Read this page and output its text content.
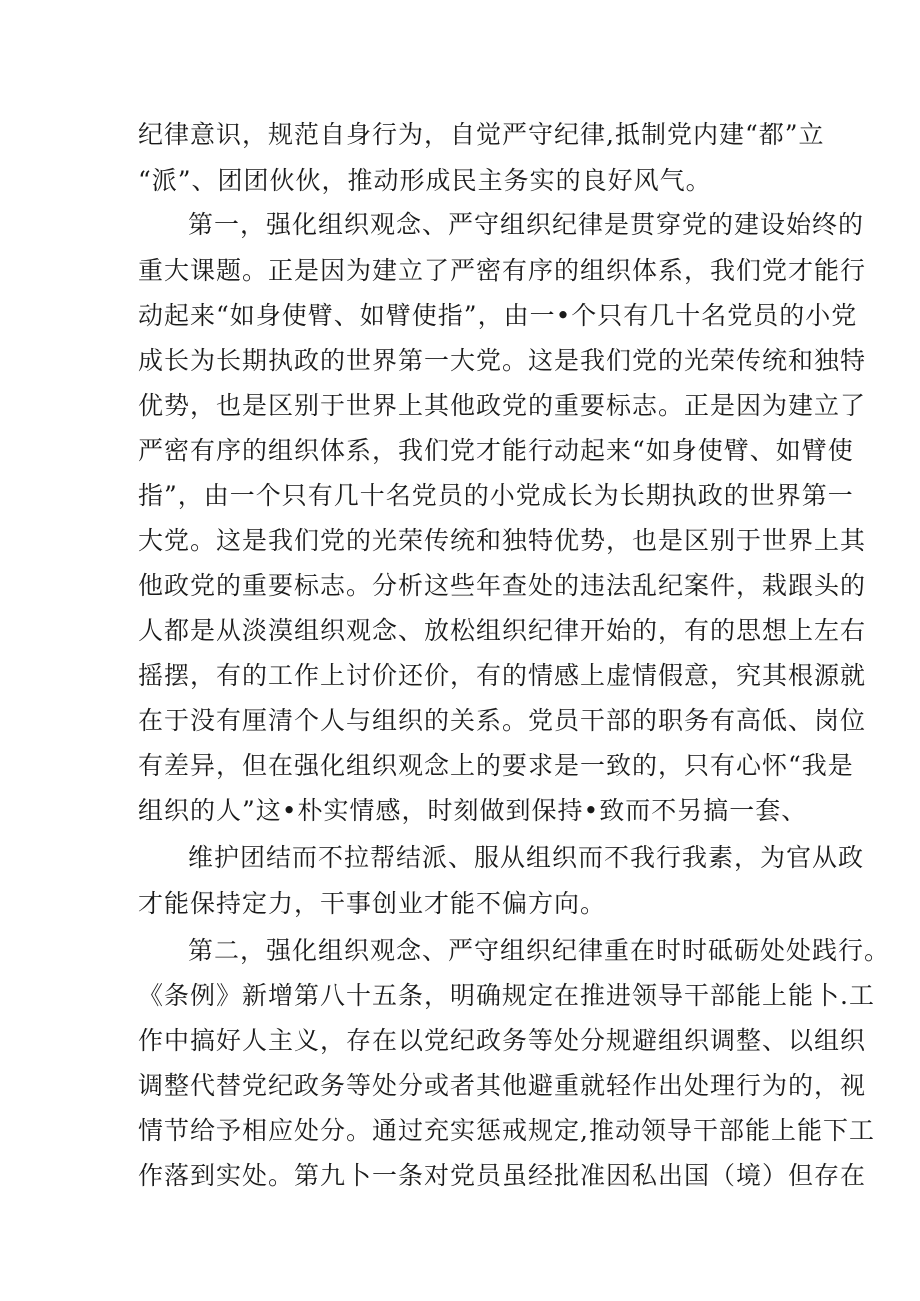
纪律意识，规范自身行为，自觉严守纪律,抵制党内建“都”立
“派”、团团伙伙，推动形成民主务实的良好风气。
第一，强化组织观念、严守组织纪律是贯穿党的建设始终的
重大课题。正是因为建立了严密有序的组织体系，我们党才能行
动起来“如身使臂、如臂使指”，由一•个只有几十名党员的小党
成长为长期执政的世界第一大党。这是我们党的光荣传统和独特
优势，也是区别于世界上其他政党的重要标志。正是因为建立了
严密有序的组织体系，我们党才能行动起来“如身使臂、如臂使
指”，由一个只有几十名党员的小党成长为长期执政的世界第一
大党。这是我们党的光荣传统和独特优势，也是区别于世界上其
他政党的重要标志。分析这些年查处的违法乱纪案件，栽跟头的
人都是从淡漠组织观念、放松组织纪律开始的，有的思想上左右
摇摆，有的工作上讨价还价，有的情感上虚情假意，究其根源就
在于没有厘清个人与组织的关系。党员干部的职务有高低、岗位
有差异，但在强化组织观念上的要求是一致的，只有心怀“我是
组织的人”这•朴实情感，时刻做到保持•致而不另搞一套、
维护团结而不拉帮结派、服从组织而不我行我素，为官从政
才能保持定力，干事创业才能不偏方向。
第二，强化组织观念、严守组织纪律重在时时砥砺处处践行。
《条例》新增第八十五条，明确规定在推进领导干部能上能卜.工
作中搞好人主义，存在以党纪政务等处分规避组织调整、以组织
调整代替党纪政务等处分或者其他避重就轻作出处理行为的，视
情节给予相应处分。通过充实惩戒规定,推动领导干部能上能下工
作落到实处。第九卜一条对党员虽经批准因私出国（境）但存在
